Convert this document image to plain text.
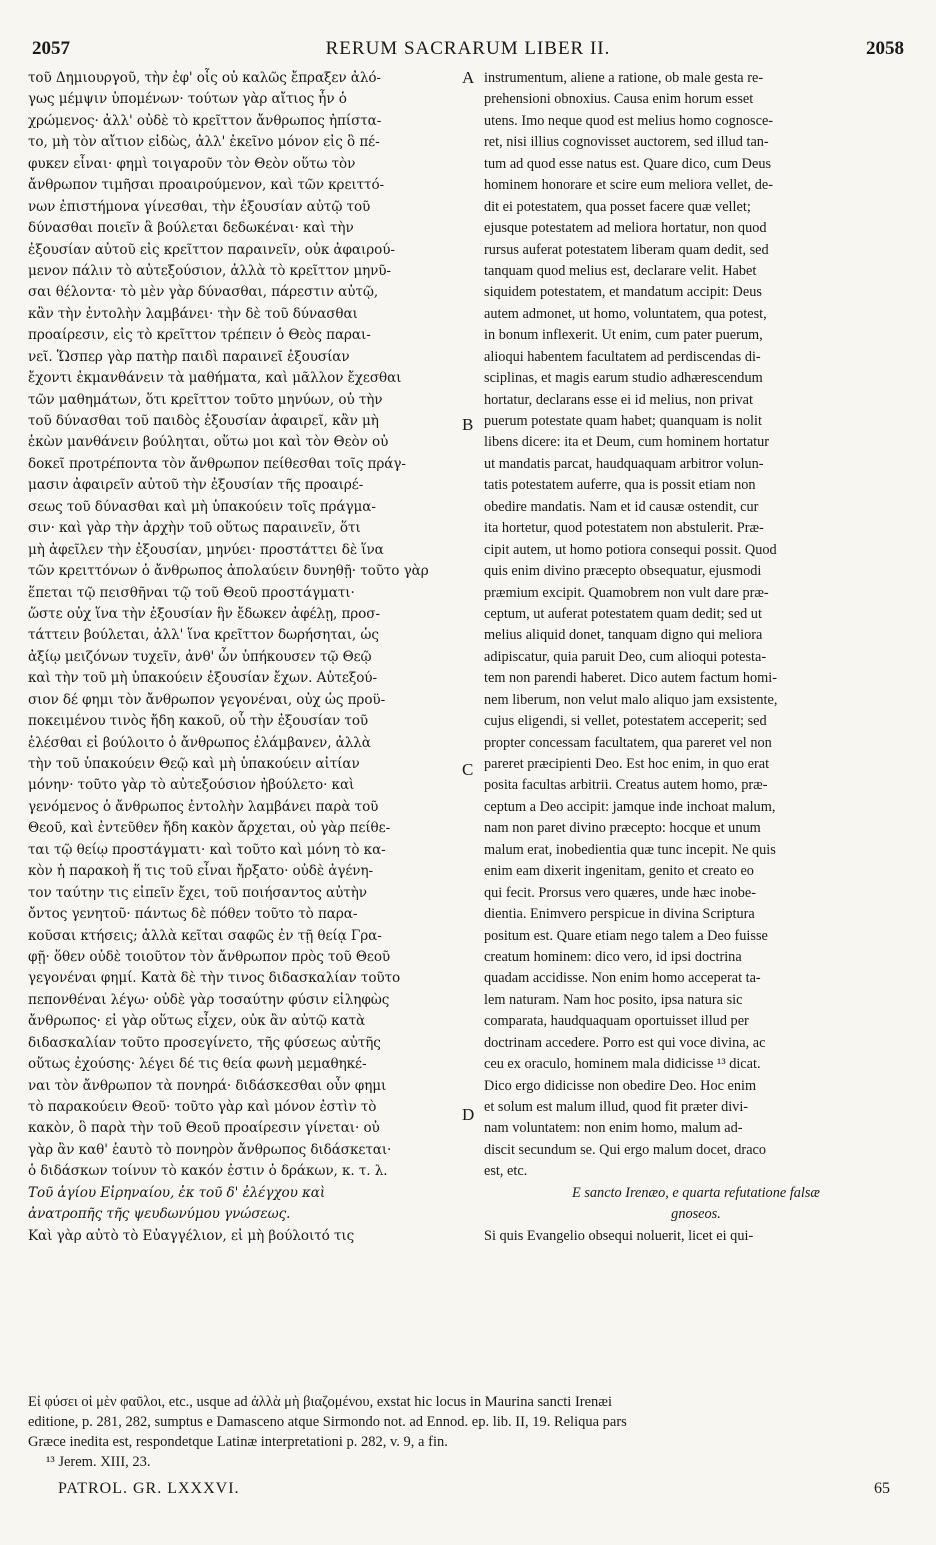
2057	RERUM SACRARUM LIBER II.	2058
τοῦ Δημιουργοῦ, τὴν ἐφ' οἷς οὐ καλῶς ἔπραξεν ἀλό-
γως μέμψιν ὑπομένων· τούτων γὰρ αἴτιος ἦν ὁ
χρώμενος· ἀλλ' οὐδὲ τὸ κρεῖττον ἄνθρωπος ἠπίστα-
το, μὴ τὸν αἴτιον εἰδὼς, ἀλλ' ἐκεῖνο μόνον εἰς ὃ πέ-
φυκεν εἶναι· φημὶ τοιγαροῦν τὸν Θεὸν οὕτω τὸν
ἄνθρωπον τιμῆσαι προαιρούμενον, καὶ τῶν κρειττό-
νων ἐπιστήμονα γίνεσθαι, τὴν ἐξουσίαν αὐτῷ τοῦ
δύνασθαι ποιεῖν ἃ βούλεται δεδωκέναι· καὶ τὴν
ἐξουσίαν αὐτοῦ εἰς κρεῖττον παραινεῖν, οὐκ ἀφαιρού-
μενον πάλιν τὸ αὐτεξούσιον, ἀλλὰ τὸ κρεῖττον μηνῦ-
σαι θέλοντα· τὸ μὲν γὰρ δύνασθαι, πάρεστιν αὐτῷ,
κἂν τὴν ἐντολὴν λαμβάνει· τὴν δὲ τοῦ δύνασθαι
προαίρεσιν, εἰς τὸ κρεῖττον τρέπειν ὁ Θεὸς παραι-
νεῖ. Ὥσπερ γὰρ πατὴρ παιδὶ παραινεῖ ἐξουσίαν
ἔχοντι ἐκμανθάνειν τὰ μαθήματα, καὶ μᾶλλον ἔχεσθαι
τῶν μαθημάτων, ὅτι κρεῖττον τοῦτο μηνύων, οὐ τὴν
τοῦ δύνασθαι τοῦ παιδὸς ἐξουσίαν ἀφαιρεῖ, κἂν μὴ
ἑκὼν μανθάνειν βούληται, οὕτω μοι καὶ τὸν Θεὸν οὐ
δοκεῖ προτρέποντα τὸν ἄνθρωπον πείθεσθαι τοῖς πράγ-
μασιν ἀφαιρεῖν αὐτοῦ τὴν ἐξουσίαν τῆς προαιρέ-
σεως τοῦ δύνασθαι καὶ μὴ ὑπακούειν τοῖς πράγμα-
σιν· καὶ γὰρ τὴν ἀρχὴν τοῦ οὕτως παραινεῖν, ὅτι
μὴ ἀφεῖλεν τὴν ἐξουσίαν, μηνύει· προστάττει δὲ ἵνα
τῶν κρειττόνων ὁ ἄνθρωπος ἀπολαύειν δυνηθῇ· τοῦτο γὰρ
ἕπεται τῷ πεισθῆναι τῷ τοῦ Θεοῦ προστάγματι·
ὥστε οὐχ ἵνα τὴν ἐξουσίαν ἣν ἔδωκεν ἀφέλῃ, προσ-
τάττειν βούλεται, ἀλλ' ἵνα κρεῖττον δωρήσηται, ὡς
ἀξίῳ μειζόνων τυχεῖν, ἀνθ' ὧν ὑπήκουσεν τῷ Θεῷ
καὶ τὴν τοῦ μὴ ὑπακούειν ἐξουσίαν ἔχων. Αὐτεξού-
σιον δέ φημι τὸν ἄνθρωπον γεγονέναι, οὐχ ὡς προϋ-
ποκειμένου τινὸς ἤδη κακοῦ, οὗ τὴν ἐξουσίαν τοῦ
ἑλέσθαι εἰ βούλοιτο ὁ ἄνθρωπος ἐλάμβανεν, ἀλλὰ
τὴν τοῦ ὑπακούειν Θεῷ καὶ μὴ ὑπακούειν αἰτίαν
μόνην· τοῦτο γὰρ τὸ αὐτεξούσιον ἠβούλετο· καὶ
γενόμενος ὁ ἄνθρωπος ἐντολὴν λαμβάνει παρὰ τοῦ
Θεοῦ, καὶ ἐντεῦθεν ἤδη κακὸν ἄρχεται, οὐ γὰρ πείθε-
ται τῷ θείῳ προστάγματι· καὶ τοῦτο καὶ μόνη τὸ κα-
κὸν ἡ παρακοὴ ἥ τις τοῦ εἶναι ἤρξατο· οὐδὲ ἀγένη-
τον ταύτην τις εἰπεῖν ἔχει, τοῦ ποιήσαντος αὐτὴν
ὄντος γενητοῦ· πάντως δὲ πόθεν τοῦτο τὸ παρα-
κοῦσαι κτήσεις; ἀλλὰ κεῖται σαφῶς ἐν τῇ θείᾳ Γρα-
φῇ· ὅθεν οὐδὲ τοιοῦτον τὸν ἄνθρωπον πρὸς τοῦ Θεοῦ
γεγονέναι φημί. Κατὰ δὲ τὴν τινος διδασκαλίαν τοῦτο
πεπονθέναι λέγω· οὐδὲ γὰρ τοσαύτην φύσιν εἰληφὼς
ἄνθρωπος· εἰ γὰρ οὕτως εἶχεν, οὐκ ἂν αὐτῷ κατὰ
διδασκαλίαν τοῦτο προσεγίνετο, τῆς φύσεως αὐτῆς
οὕτως ἐχούσης· λέγει δέ τις θεία φωνὴ μεμαθηκέ-
ναι τὸν ἄνθρωπον τὰ πονηρά· διδάσκεσθαι οὖν φημι
τὸ παρακούειν Θεοῦ· τοῦτο γὰρ καὶ μόνον ἐστὶν τὸ
κακὸν, ὃ παρὰ τὴν τοῦ Θεοῦ προαίρεσιν γίνεται· οὐ
γὰρ ἂν καθ' ἑαυτὸ τὸ πονηρὸν ἄνθρωπος διδάσκεται·
ὁ διδάσκων τοίνυν τὸ κακόν ἐστιν ὁ δράκων, κ. τ. λ.
Τοῦ ἁγίου Εἰρηναίου, ἐκ τοῦ δ' ἐλέγχου καὶ
ἀνατροπῆς τῆς ψευδωνύμου γνώσεως.
Καὶ γὰρ αὐτὸ τὸ Εὐαγγέλιον, εἰ μὴ βούλοιτό τις
instrumentum, aliene a ratione, ob male gesta re-
prehensioni obnoxius. Causa enim horum esset
utens. Imo neque quod est melius homo cognosce-
ret, nisi illius cognovisset auctorem, sed illud tan-
tum ad quod esse natus est. Quare dico, cum Deus
hominem honorare et scire eum meliora vellet, de-
dit ei potestatem, qua posset facere quæ vellet;
ejusque potestatem ad meliora hortatur, non quod
rursus auferat potestatem liberam quam dedit, sed
tanquam quod melius est, declarare velit. Habet
siquidem potestatem, et mandatum accipit: Deus
autem admonet, ut homo, voluntatem, qua potest,
in bonum inflexerit. Ut enim, cum pater puerum,
alioqui habentem facultatem ad perdiscendas di-
sciplinas, et magis earum studio adhærescendum
hortatur, declarans esse ei id melius, non privat
puerum potestate quam habet; quanquam is nolit
libens dicere: ita et Deum, cum hominem hortatur
ut mandatis parcat, haudquaquam arbitror volun-
tatis potestatem auferre, qua is possit etiam non
obedire mandatis. Nam et id causæ ostendit, cur
ita hortetur, quod potestatem non abstulerit. Præ-
cipit autem, ut homo potiora consequi possit. Quod
quis enim divino præcepto obsequatur, ejusmodi
præmium excipit. Quamobrem non vult dare præ-
ceptum, ut auferat potestatem quam dedit; sed ut
melius aliquid donet, tanquam digno qui meliora
adipiscatur, quia paruit Deo, cum alioqui potesta-
tem non parendi haberet. Dico autem factum homi-
nem liberum, non velut malo aliquo jam exsistente,
cujus eligendi, si vellet, potestatem acceperit; sed
propter concessam facultatem, qua pareret vel non
pareret præcipienti Deo. Est hoc enim, in quo erat
posita facultas arbitrii. Creatus autem homo, præ-
ceptum a Deo accipit: jamque inde inchoat malum,
nam non paret divino præcepto: hocque et unum
malum erat, inobedientia quæ tunc incepit. Ne quis
enim eam dixerit ingenitam, genito et creato eo
qui fecit. Prorsus vero quæres, unde hæc inobe-
dientia. Enimvero perspicue in divina Scriptura
positum est. Quare etiam nego talem a Deo fuisse
creatum hominem: dico vero, id ipsi doctrina
quadam accidisse. Non enim homo acceperat ta-
lem naturam. Nam hoc posito, ipsa natura sic
comparata, haudquaquam oportuisset illud per
doctrinam accedere. Porro est qui voce divina, ac
ceu ex oraculo, hominem mala didicisse ¹³ dicat.
Dico ergo didicisse non obedire Deo. Hoc enim
et solum est malum illud, quod fit præter divi-
nam voluntatem: non enim homo, malum ad-
discit secundum se. Qui ergo malum docet, draco
est, etc.
E sancto Irenæo, e quarta refutatione falsæ
gnoseos.
Si quis Evangelio obsequi noluerit, licet ei qui-
A
B
C
D
Εἰ φύσει οἱ μὲν φαῦλοι, etc., usque ad ἀλλὰ μὴ βιαζομένου, exstat hic locus in Maurina sancti Irenæi
editione, p. 281, 282, sumptus e Damasceno atque Sirmondo not. ad Ennod. ep. lib. II, 19. Reliqua pars
Græce inedita est, respondetque Latinæ interpretationi p. 282, v. 9, a fin.
¹³ Jerem. XIII, 23.
PATROL. GR. LXXXVI.	65
